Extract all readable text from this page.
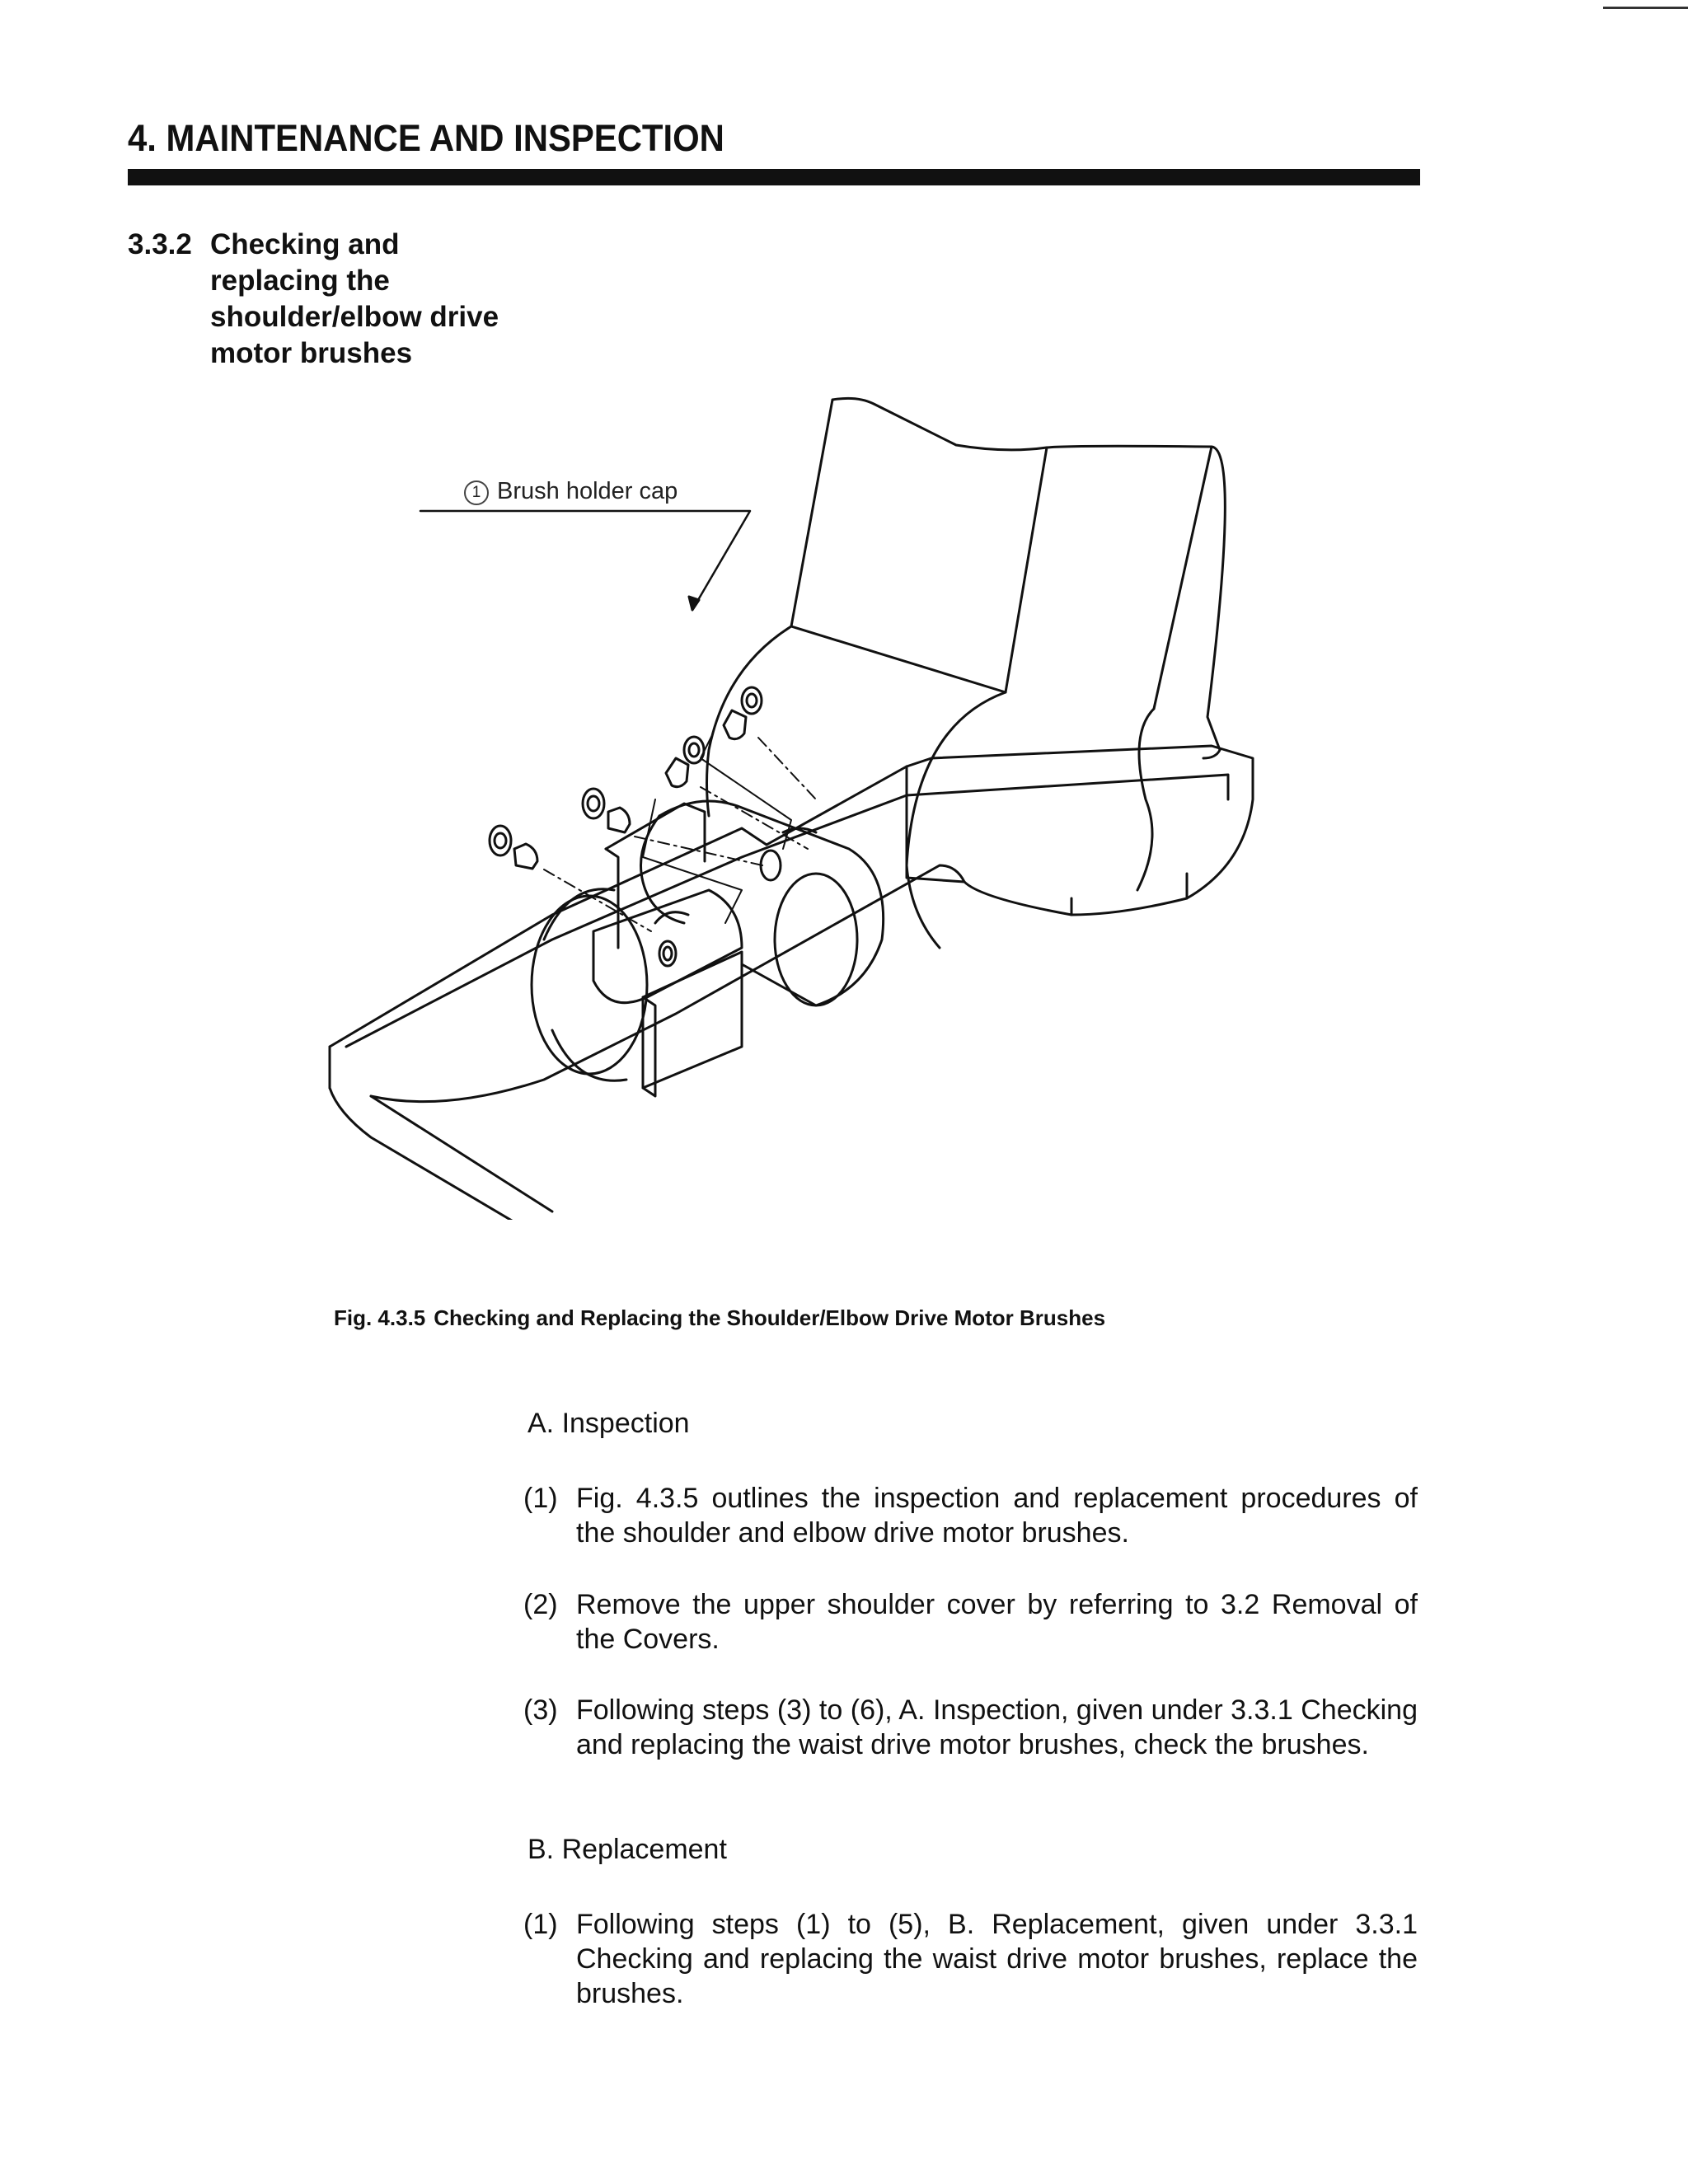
4. MAINTENANCE AND INSPECTION
3.3.2 Checking and
replacing the
shoulder/elbow drive
motor brushes
1 Brush holder cap
Fig. 4.3.5 Checking and Replacing the Shoulder/Elbow Drive Motor Brushes
A. Inspection
(1) Fig. 4.3.5 outlines the inspection and replacement procedures of the shoulder and elbow drive motor brushes.
(2) Remove the upper shoulder cover by referring to 3.2 Removal of the Covers.
(3) Following steps (3) to (6), A. Inspection, given under 3.3.1 Checking and replacing the waist drive motor brushes, check the brushes.
B. Replacement
(1) Following steps (1) to (5), B. Replacement, given under 3.3.1 Checking and replacing the waist drive motor brushes, replace the brushes.
